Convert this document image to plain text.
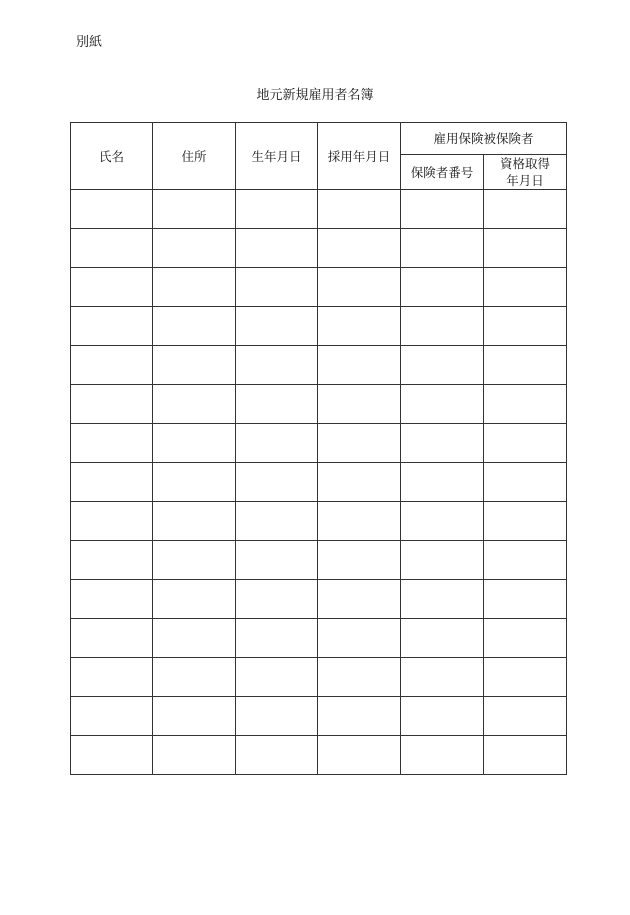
別紙
地元新規雇用者名簿
氏名	住所	生年月日	採用年月日	雇用保険被保険者	
				保険者番号	資格取得
年月日
